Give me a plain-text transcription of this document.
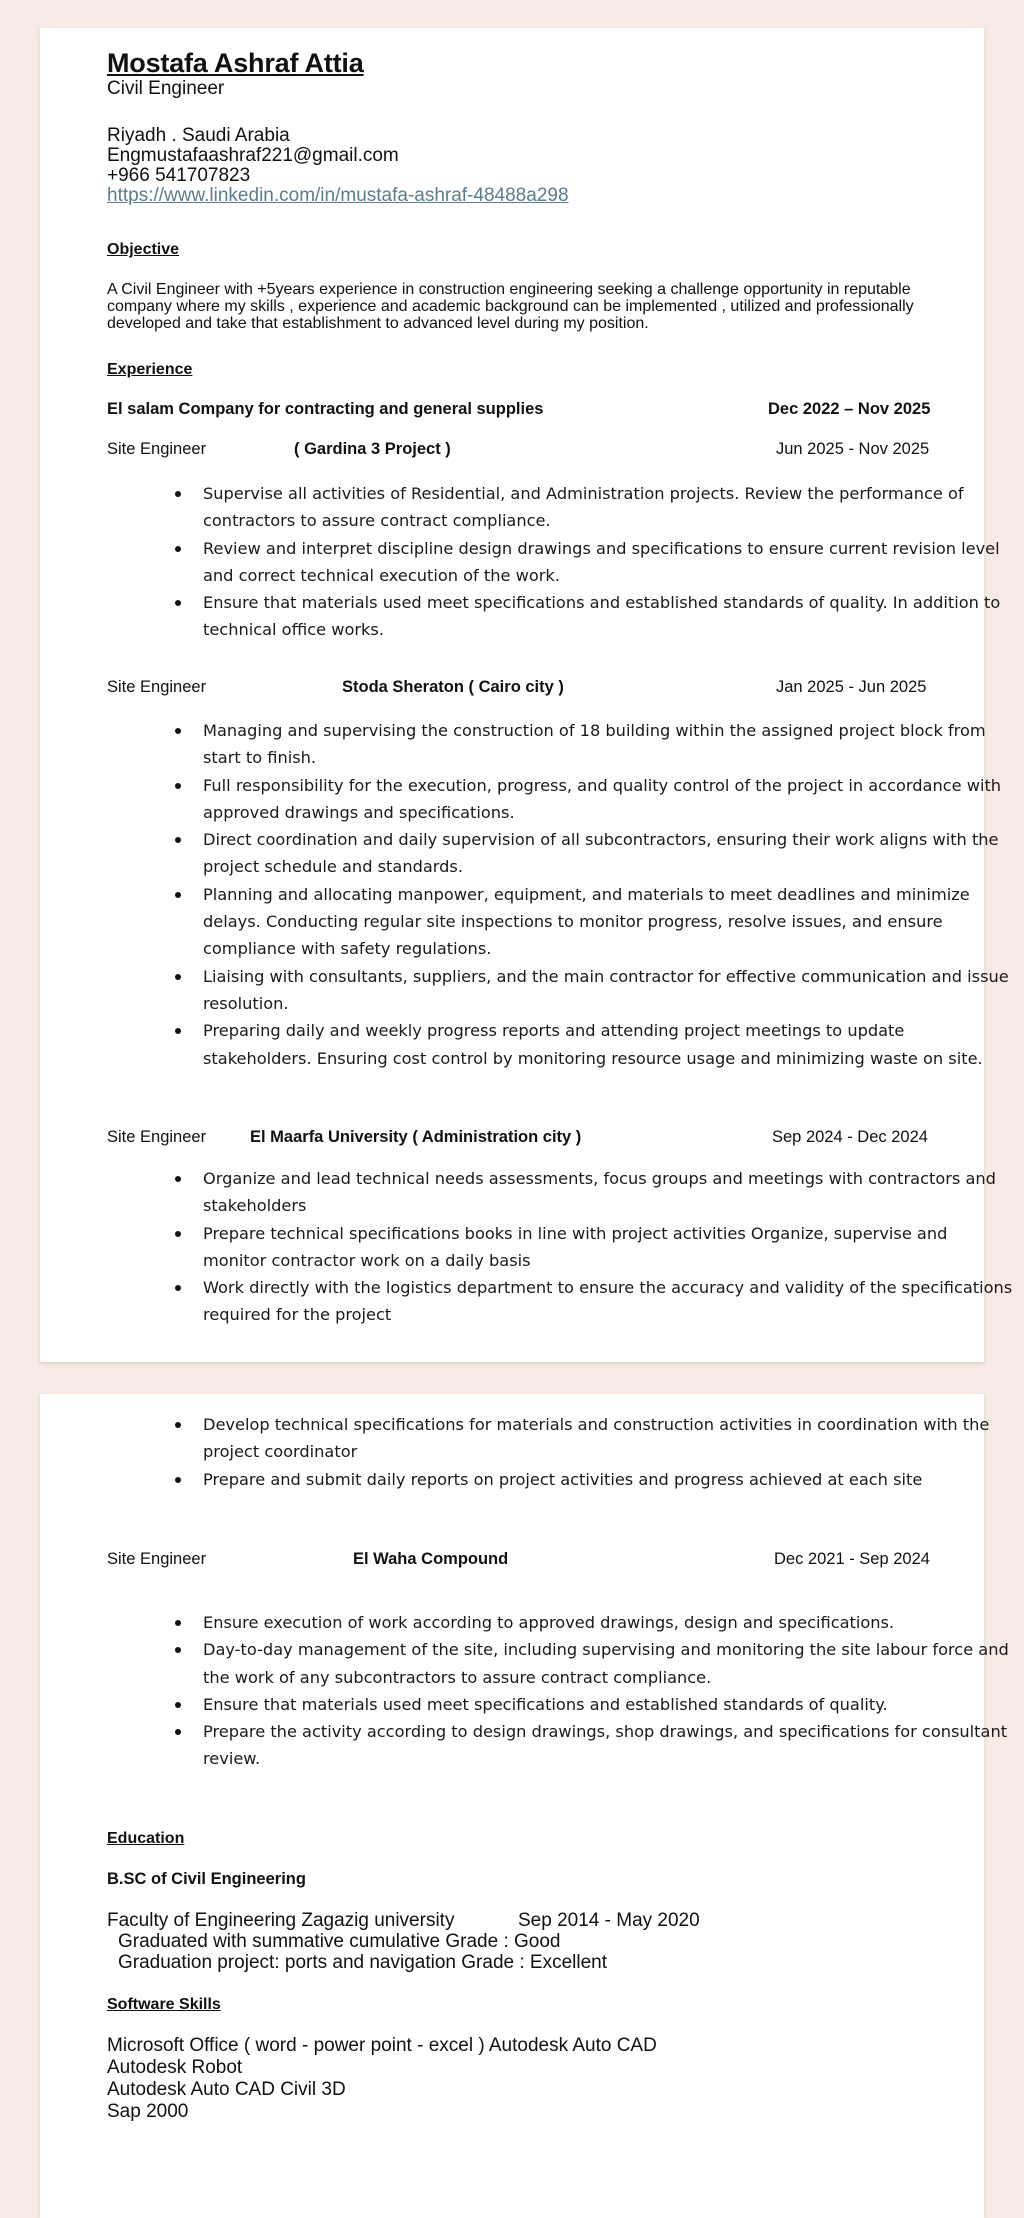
Mostafa Ashraf Attia
Civil Engineer
Riyadh . Saudi Arabia
Engmustafaashraf221@gmail.com
+966 541707823
https://www.linkedin.com/in/mustafa-ashraf-48488a298
Objective
A Civil Engineer with +5years experience in construction engineering seeking a challenge opportunity in reputable company where my skills , experience and academic background can be implemented , utilized and professionally developed and take that establishment to advanced level during my position.
Experience
El salam Company for contracting and general supplies	Dec 2022 – Nov 2025
Site Engineer	( Gardina 3 Project )	Jun 2025 - Nov 2025
Supervise all activities of Residential, and Administration projects. Review the performance of contractors to assure contract compliance.
Review and interpret discipline design drawings and specifications to ensure current revision level and correct technical execution of the work.
Ensure that materials used meet specifications and established standards of quality. In addition to technical office works.
Site Engineer	Stoda Sheraton ( Cairo city )	Jan 2025 - Jun 2025
Managing and supervising the construction of 18 building within the assigned project block from start to finish.
Full responsibility for the execution, progress, and quality control of the project in accordance with approved drawings and specifications.
Direct coordination and daily supervision of all subcontractors, ensuring their work aligns with the project schedule and standards.
Planning and allocating manpower, equipment, and materials to meet deadlines and minimize delays. Conducting regular site inspections to monitor progress, resolve issues, and ensure compliance with safety regulations.
Liaising with consultants, suppliers, and the main contractor for effective communication and issue resolution.
Preparing daily and weekly progress reports and attending project meetings to update stakeholders. Ensuring cost control by monitoring resource usage and minimizing waste on site.
Site Engineer	El Maarfa University ( Administration city )	Sep 2024 - Dec 2024
Organize and lead technical needs assessments, focus groups and meetings with contractors and stakeholders
Prepare technical specifications books in line with project activities Organize, supervise and monitor contractor work on a daily basis
Work directly with the logistics department to ensure the accuracy and validity of the specifications required for the project
Develop technical specifications for materials and construction activities in coordination with the project coordinator
Prepare and submit daily reports on project activities and progress achieved at each site
Site Engineer	El Waha Compound	Dec 2021 - Sep 2024
Ensure execution of work according to approved drawings, design and specifications.
Day-to-day management of the site, including supervising and monitoring the site labour force and the work of any subcontractors to assure contract compliance.
Ensure that materials used meet specifications and established standards of quality.
Prepare the activity according to design drawings, shop drawings, and specifications for consultant review.
Education
B.SC of Civil Engineering
Faculty of Engineering Zagazig university	Sep 2014 - May 2020
Graduated with summative cumulative Grade : Good
Graduation project: ports and navigation Grade : Excellent
Software Skills
Microsoft Office ( word - power point - excel ) Autodesk Auto CAD
Autodesk Robot
Autodesk Auto CAD Civil 3D
Sap 2000
